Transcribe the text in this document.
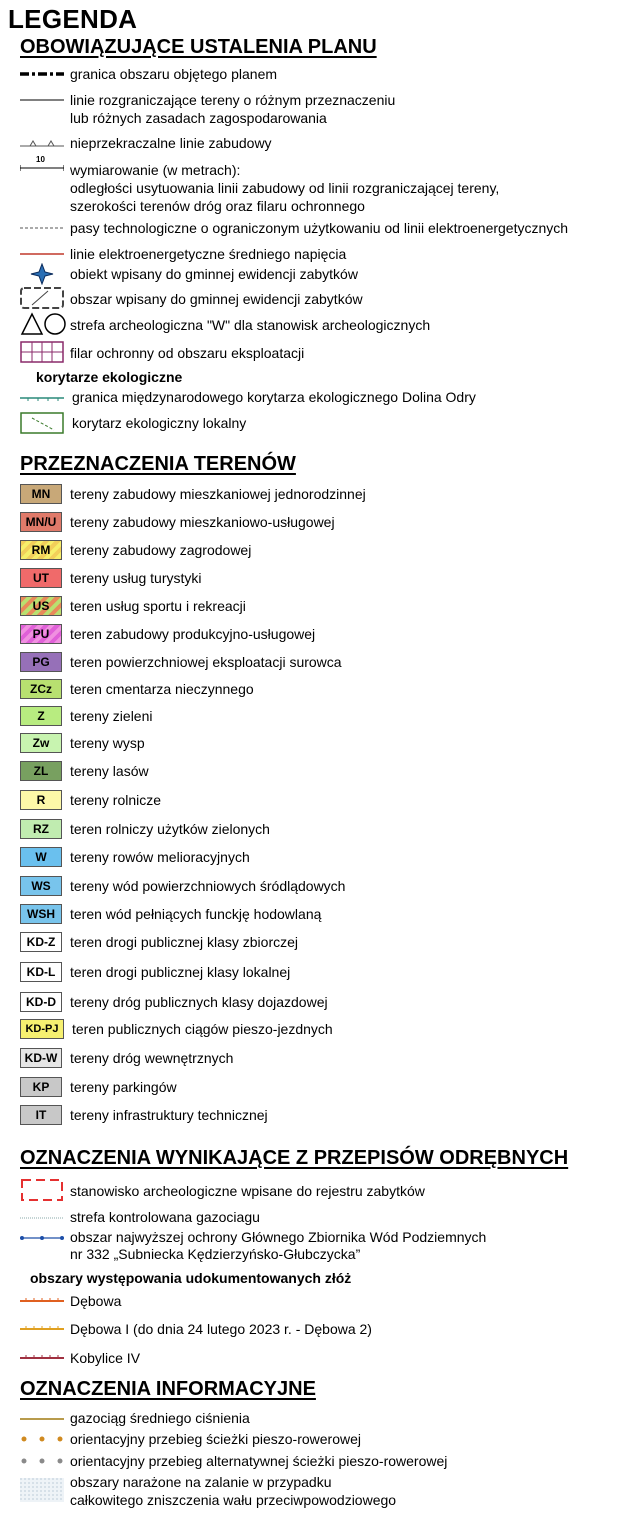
LEGENDA
OBOWIĄZUJĄCE USTALENIA PLANU
granica obszaru objętego planem
linie rozgraniczające tereny o różnym przeznaczeniu
lub różnych zasadach zagospodarowania
nieprzekraczalne linie zabudowy
10
wymiarowanie (w metrach):
odległości usytuowania linii zabudowy od linii rozgraniczającej tereny,
szerokości terenów dróg oraz filaru ochronnego
pasy technologiczne o ograniczonym użytkowaniu od linii elektroenergetycznych
linie elektroenergetyczne średniego napięcia
obiekt wpisany do gminnej ewidencji zabytków
obszar wpisany do gminnej ewidencji zabytków
strefa archeologiczna "W" dla stanowisk archeologicznych
filar ochronny od obszaru eksploatacji
korytarze ekologiczne
granica międzynarodowego korytarza ekologicznego Dolina Odry
korytarz ekologiczny lokalny
PRZEZNACZENIA TERENÓW
MN	tereny zabudowy mieszkaniowej jednorodzinnej
MN/U tereny zabudowy mieszkaniowo-usługowej
RM	tereny zabudowy zagrodowej
UT	tereny usług turystyki
US	teren usług sportu i rekreacji
PU	teren zabudowy produkcyjno-usługowej
PG	teren powierzchniowej eksploatacji surowca
ZCz	teren cmentarza nieczynnego
Z	tereny zieleni
Zw	tereny wysp
ZL	tereny lasów
R	tereny rolnicze
RZ	teren rolniczy użytków zielonych
W	tereny rowów melioracyjnych
WS	tereny wód powierzchniowych śródlądowych
WSH	teren wód pełniących funckję hodowlaną
KD-Z	teren drogi publicznej klasy zbiorczej
KD-L	teren drogi publicznej klasy lokalnej
KD-D	tereny dróg publicznych klasy dojazdowej
KD-PJ teren publicznych ciągów pieszo-jezdnych
KD-W tereny dróg wewnętrznych
KP	tereny parkingów
IT	tereny infrastruktury technicznej
OZNACZENIA WYNIKAJĄCE Z PRZEPISÓW ODRĘBNYCH
stanowisko archeologiczne wpisane do rejestru zabytków
strefa kontrolowana gazociagu
obszar najwyższej ochrony Głównego Zbiornika Wód Podziemnych
nr 332 „Subniecka Kędzierzyńsko-Głubczycka”
obszary występowania udokumentowanych złóż
Dębowa
Dębowa I (do dnia 24 lutego 2023 r. - Dębowa 2)
Kobylice IV
OZNACZENIA INFORMACYJNE
gazociąg średniego ciśnienia
orientacyjny przebieg ścieżki pieszo-rowerowej
orientacyjny przebieg alternatywnej ścieżki pieszo-rowerowej
obszary narażone na zalanie w przypadku
całkowitego zniszczenia wału przeciwpowodziowego
